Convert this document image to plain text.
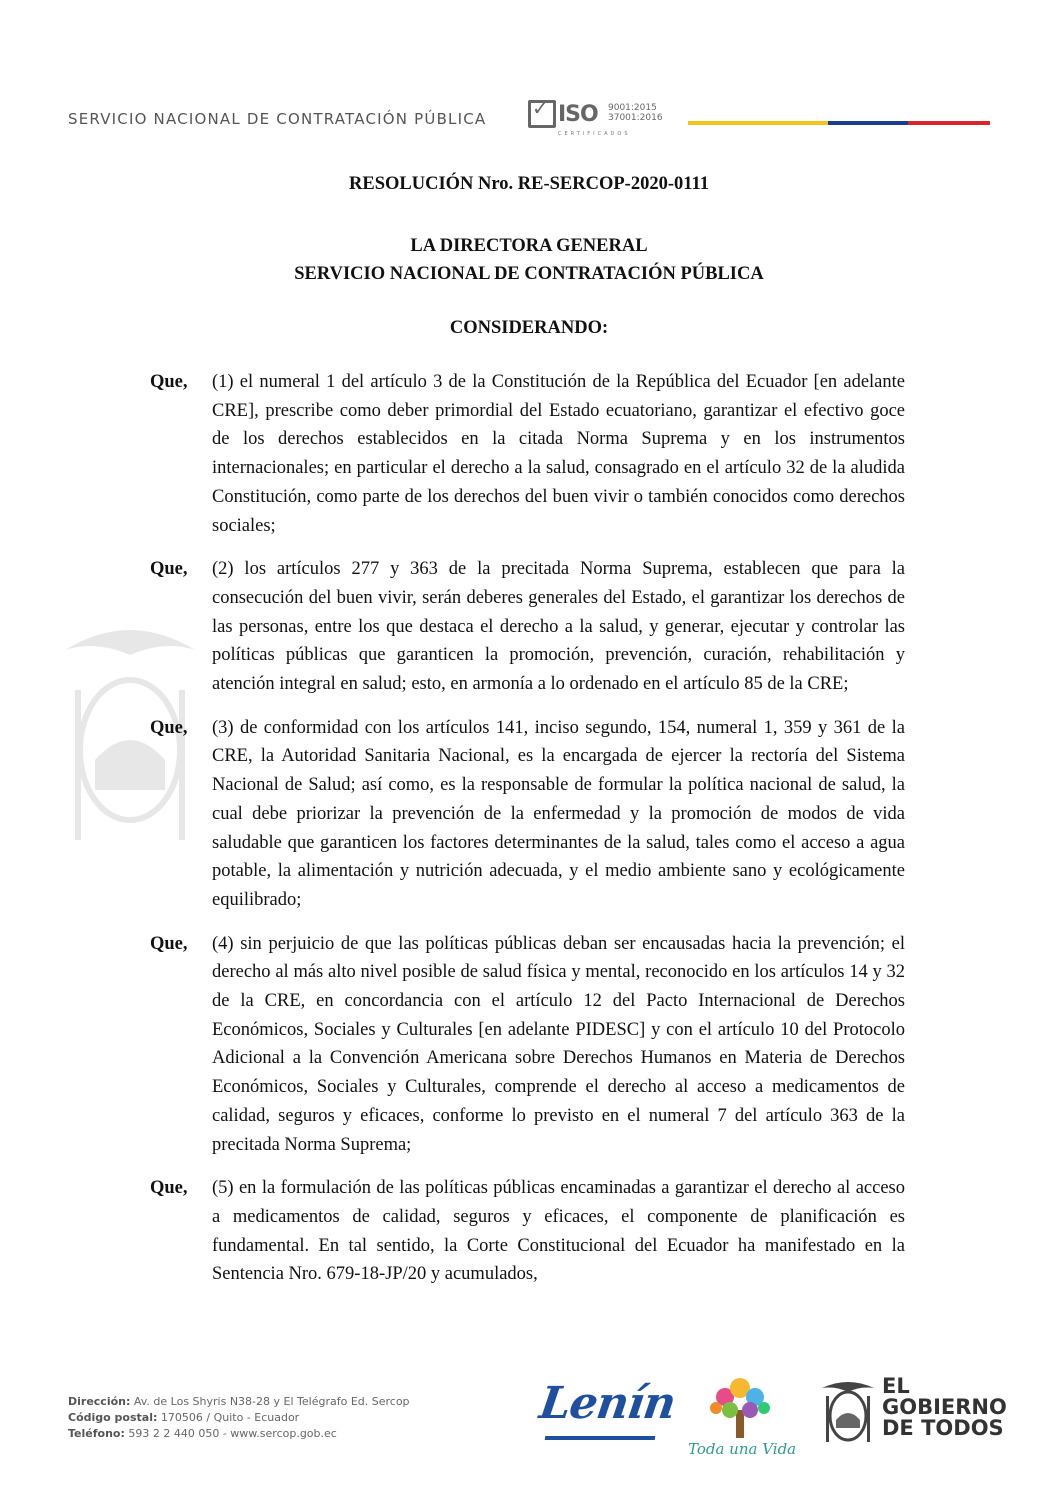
SERVICIO NACIONAL DE CONTRATACIÓN PÚBLICA ✓ ISO 9001:2015
37001:2016
CERTIFICADOS
RESOLUCIÓN Nro. RE-SERCOP-2020-0111
LA DIRECTORA GENERAL
SERVICIO NACIONAL DE CONTRATACIÓN PÚBLICA
CONSIDERANDO:
Que,	(1) el numeral 1 del artículo 3 de la Constitución de la República del Ecuador [en adelante CRE], prescribe como deber primordial del Estado ecuatoriano, garantizar el efectivo goce de los derechos establecidos en la citada Norma Suprema y en los instrumentos internacionales; en particular el derecho a la salud, consagrado en el artículo 32 de la aludida Constitución, como parte de los derechos del buen vivir o también conocidos como derechos sociales;
Que,	(2) los artículos 277 y 363 de la precitada Norma Suprema, establecen que para la consecución del buen vivir, serán deberes generales del Estado, el garantizar los derechos de las personas, entre los que destaca el derecho a la salud, y generar, ejecutar y controlar las políticas públicas que garanticen la promoción, prevención, curación, rehabilitación y atención integral en salud; esto, en armonía a lo ordenado en el artículo 85 de la CRE;
Que,	(3) de conformidad con los artículos 141, inciso segundo, 154, numeral 1, 359 y 361 de la CRE, la Autoridad Sanitaria Nacional, es la encargada de ejercer la rectoría del Sistema Nacional de Salud; así como, es la responsable de formular la política nacional de salud, la cual debe priorizar la prevención de la enfermedad y la promoción de modos de vida saludable que garanticen los factores determinantes de la salud, tales como el acceso a agua potable, la alimentación y nutrición adecuada, y el medio ambiente sano y ecológicamente equilibrado;
Que,	(4) sin perjuicio de que las políticas públicas deban ser encausadas hacia la prevención; el derecho al más alto nivel posible de salud física y mental, reconocido en los artículos 14 y 32 de la CRE, en concordancia con el artículo 12 del Pacto Internacional de Derechos Económicos, Sociales y Culturales [en adelante PIDESC] y con el artículo 10 del Protocolo Adicional a la Convención Americana sobre Derechos Humanos en Materia de Derechos Económicos, Sociales y Culturales, comprende el derecho al acceso a medicamentos de calidad, seguros y eficaces, conforme lo previsto en el numeral 7 del artículo 363 de la precitada Norma Suprema;
Que,	(5) en la formulación de las políticas públicas encaminadas a garantizar el derecho al acceso a medicamentos de calidad, seguros y eficaces, el componente de planificación es fundamental. En tal sentido, la Corte Constitucional del Ecuador ha manifestado en la Sentencia Nro. 679-18-JP/20 y acumulados,
Dirección: Av. de Los Shyris N38-28 y El Telégrafo Ed. Sercop
Código postal: 170506 / Quito - Ecuador
Teléfono: 593 2 2 440 050 - www.sercop.gob.ec
Lenín
Toda una Vida
EL
GOBIERNO
DE TODOS
